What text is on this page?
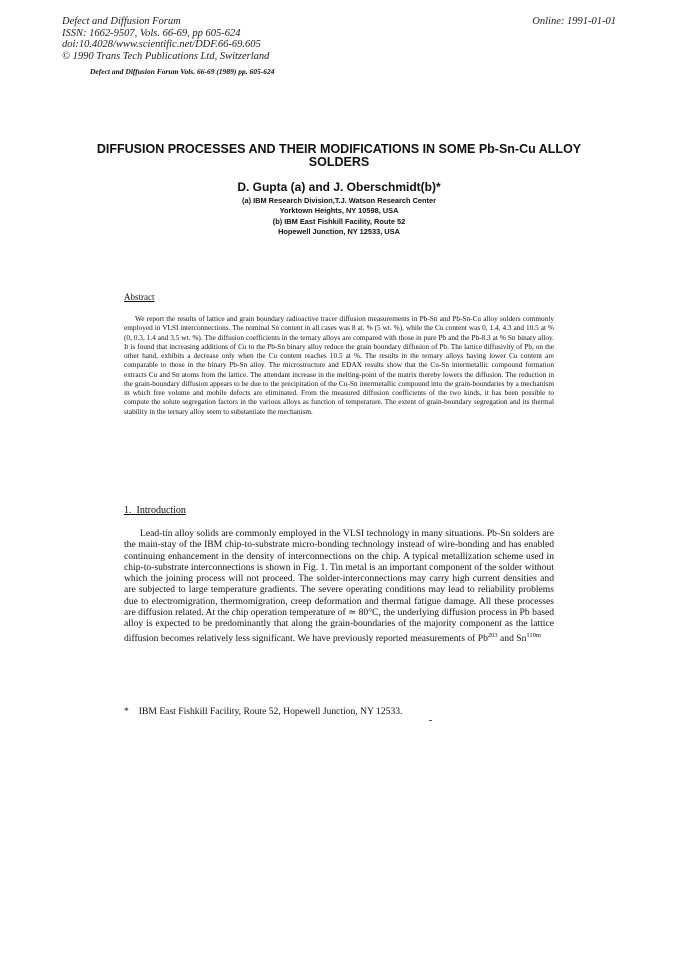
Defect and Diffusion Forum
ISSN: 1662-9507, Vols. 66-69, pp 605-624
doi:10.4028/www.scientific.net/DDF.66-69.605
© 1990 Trans Tech Publications Ltd, Switzerland
Online: 1991-01-01
Defect and Diffusion Forum Vols. 66-69 (1989) pp. 605-624
DIFFUSION PROCESSES AND THEIR MODIFICATIONS IN SOME Pb-Sn-Cu ALLOY SOLDERS
D. Gupta (a) and J. Oberschmidt(b)*
(a) IBM Research Division,T.J. Watson Research Center
Yorktown Heights, NY 10598, USA
(b) IBM East Fishkill Facility, Route 52
Hopewell Junction, NY 12533, USA
Abstract

We report the results of lattice and grain boundary radioactive tracer diffusion measurements in Pb-Sn and Pb-Sn-Cu alloy solders commonly employed in VLSI interconnections. The nominal Sn content in all cases was 8 at. % (5 wt. %), while the Cu content was 0, 1.4, 4.3 and 10.5 at % (0, 0.3, 1.4 and 3.5 wt. %). The diffusion coefficients in the ternary alloys are compared with those in pure Pb and the Pb-8.3 at % Sn binary alloy. It is found that increasing additions of Cu to the Pb-Sn binary alloy reduce the grain boundary diffusion of Pb. The lattice diffusivity of Pb, on the other hand, exhibits a decrease only when the Cu content reaches 10.5 at %. The results in the ternary alloys having lower Cu content are comparable to those in the binary Pb-Sn alloy. The microstructure and EDAX results show that the Cu-Sn intermetallic compound formation extracts Cu and Sn atoms from the lattice. The attendant increase in the melting-point of the matrix thereby lowers the diffusion. The reduction in the grain-boundary diffusion appears to be due to the precipitation of the Cu-Sn intermetallic compound into the grain-boundaries by a mechanism in which free volume and mobile defects are eliminated. From the measured diffusion coefficients of the two kinds, it has been possible to compute the solute segregation factors in the various alloys as function of temperature. The extent of grain-boundary segregation and its thermal stability in the ternary alloy seem to substantiate the mechanism.

1. Introduction

Lead-tin alloy solids are commonly employed in the VLSI technology in many situations. Pb-Sn solders are the main-stay of the IBM chip-to-substrate micro-bonding technology instead of wire-bonding and has enabled continuing enhancement in the density of interconnections on the chip. A typical metallization scheme used in chip-to-substrate interconnections is shown in Fig. 1. Tin metal is an important component of the solder without which the joining process will not proceed. The solder-interconnections may carry high current densities and are subjected to large temperature gradients. The severe operating conditions may lead to reliability problems due to electromigration, thermomigration, creep deformation and thermal fatigue damage. All these processes are diffusion related. At the chip operation temperature of ≃ 80°C, the underlying diffusion process in Pb based alloy is expected to be predominantly that along the grain-boundaries of the majority component as the lattice diffusion becomes relatively less significant. We have previously reported measurements of Pb$^{203}$ and $Sn^{119m}$

* IBM East Fishkill Facility, Route 52, Hopewell Junction, NY 12533.
